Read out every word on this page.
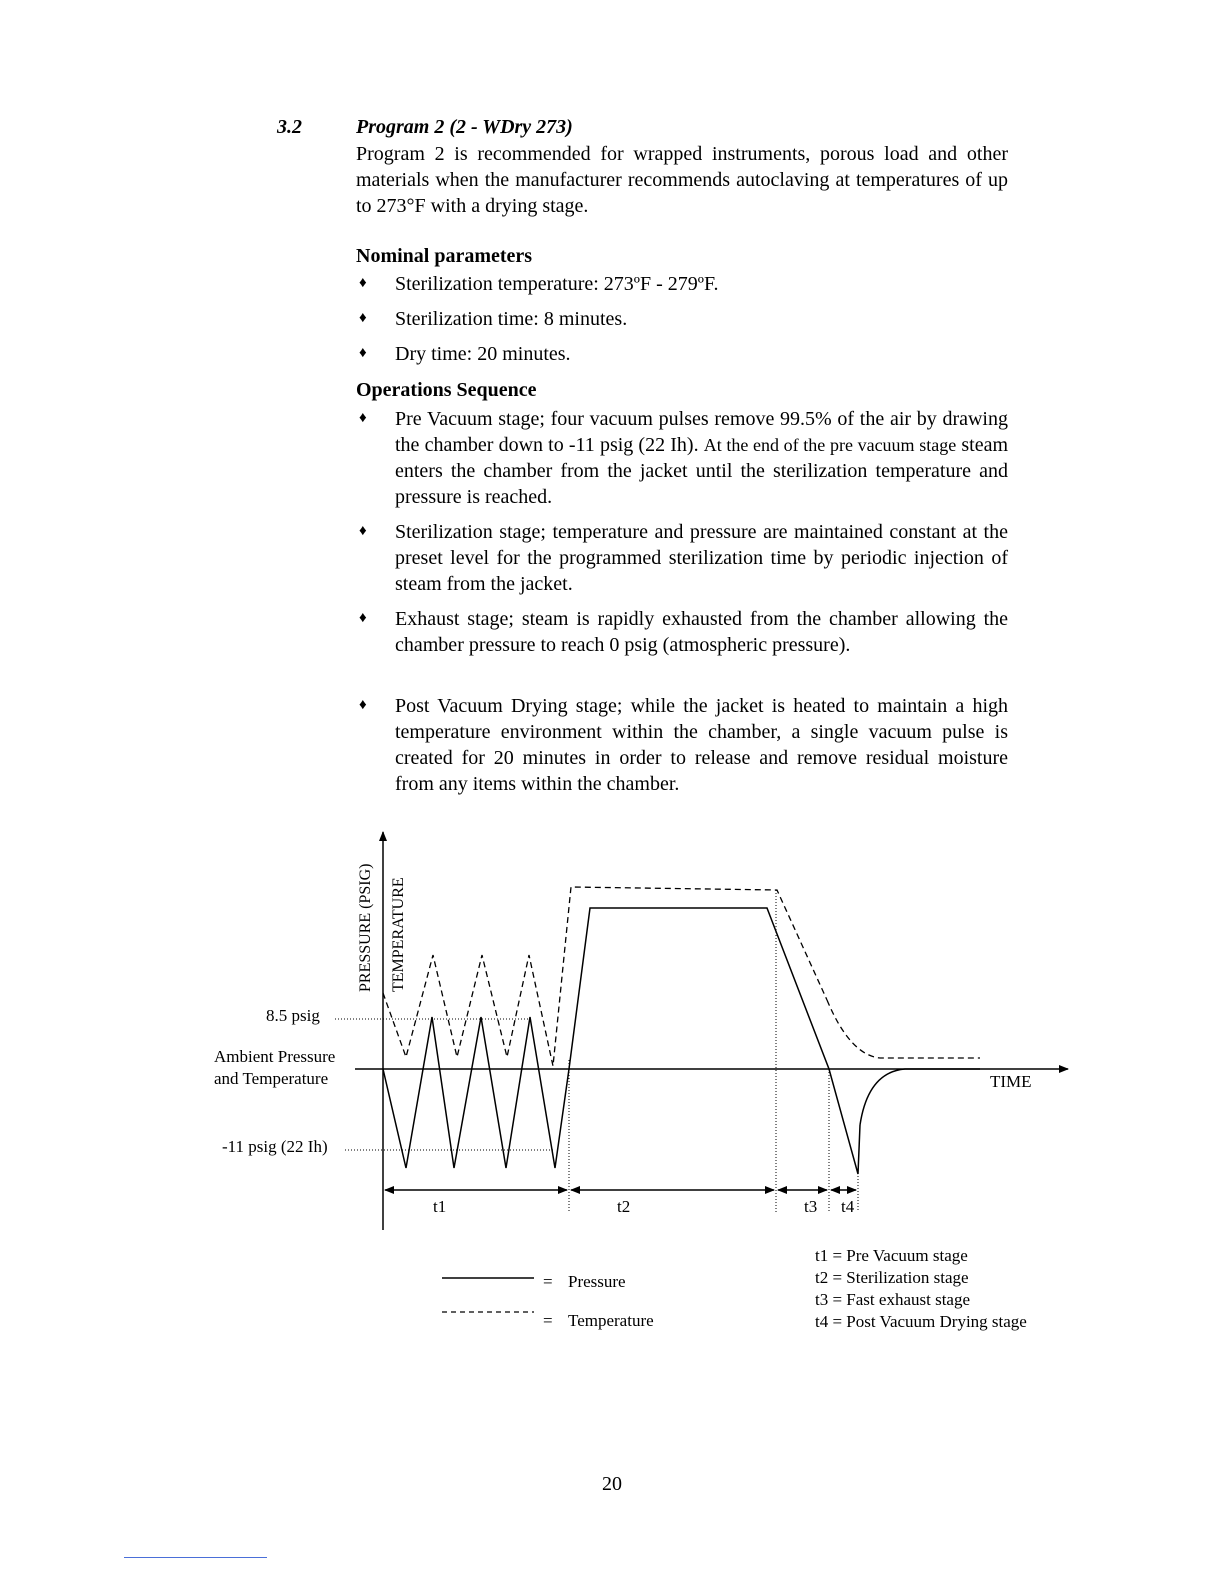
3.2	Program 2 (2 - WDry 273)
Program 2 is recommended for wrapped instruments, porous load and other materials when the manufacturer recommends autoclaving at temperatures of up to 273°F with a drying stage.
Nominal parameters
♦ Sterilization temperature: 273ºF - 279ºF.
♦ Sterilization time: 8 minutes.
♦ Dry time: 20 minutes.
Operations Sequence
♦ Pre Vacuum stage; four vacuum pulses remove 99.5% of the air by drawing the chamber down to -11 psig (22 Ih). At the end of the pre vacuum stage steam enters the chamber from the jacket until the sterilization temperature and pressure is reached.
♦ Sterilization stage; temperature and pressure are maintained constant at the preset level for the programmed sterilization time by periodic injection of steam from the jacket.
♦ Exhaust stage; steam is rapidly exhausted from the chamber allowing the chamber pressure to reach 0 psig (atmospheric pressure).
♦ Post Vacuum Drying stage; while the jacket is heated to maintain a high temperature environment within the chamber, a single vacuum pulse is created for 20 minutes in order to release and remove residual moisture from any items within the chamber.
PRESSURE (PSIG) TEMPERATURE
TIME
8.5 psig
Ambient Pressure
and Temperature
-11 psig (22 Ih)
t1	t2	t3 t4
= Pressure
= Temperature
t1 = Pre Vacuum stage
t2 = Sterilization stage
t3 = Fast exhaust stage
t4 = Post Vacuum Drying stage
20
